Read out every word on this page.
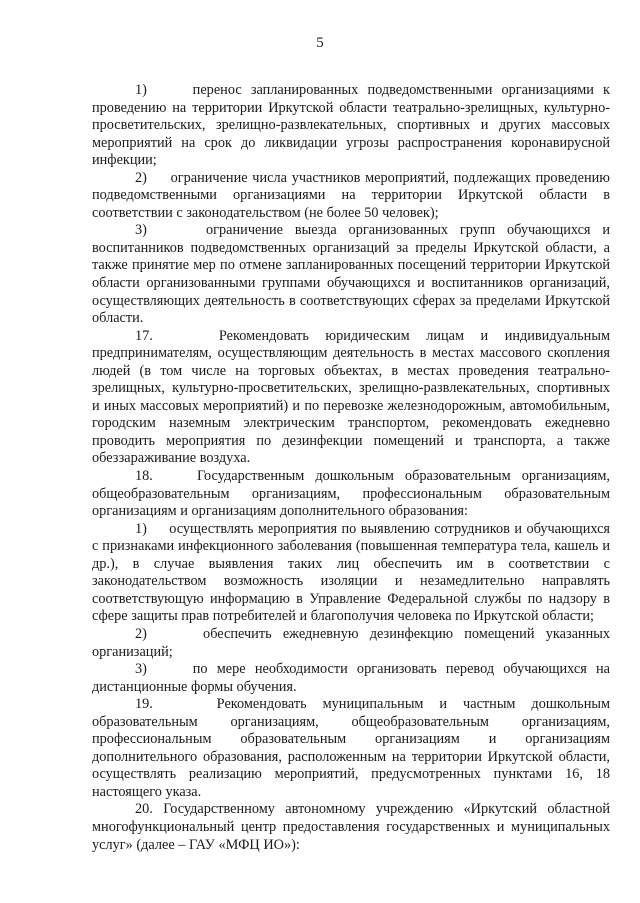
5

1)     перенос запланированных подведомственными организациями к проведению на территории Иркутской области театрально-зрелищных, культурно-просветительских, зрелищно-развлекательных, спортивных и других массовых мероприятий на срок до ликвидации угрозы распространения коронавирусной инфекции;

2)     ограничение числа участников мероприятий, подлежащих проведению подведомственными организациями на территории Иркутской области в соответствии с законодательством (не более 50 человек);

3)     ограничение выезда организованных групп обучающихся и воспитанников подведомственных организаций за пределы Иркутской области, а также принятие мер по отмене запланированных посещений территории Иркутской области организованными группами обучающихся и воспитанников организаций, осуществляющих деятельность в соответствующих сферах за пределами Иркутской области.

17.    Рекомендовать юридическим лицам и индивидуальным предпринимателям, осуществляющим деятельность в местах массового скопления людей (в том числе на торговых объектах, в местах проведения театрально-зрелищных, культурно-просветительских, зрелищно-развлекательных, спортивных и иных массовых мероприятий) и по перевозке железнодорожным, автомобильным, городским наземным электрическим транспортом, рекомендовать ежедневно проводить мероприятия по дезинфекции помещений и транспорта, а также обеззараживание воздуха.

18.    Государственным дошкольным образовательным организациям, общеобразовательным организациям, профессиональным образовательным организациям и организациям дополнительного образования:

1)     осуществлять мероприятия по выявлению сотрудников и обучающихся с признаками инфекционного заболевания (повышенная температура тела, кашель и др.), в случае выявления таких лиц обеспечить им в соответствии с законодательством возможность изоляции и незамедлительно направлять соответствующую информацию в Управление Федеральной службы по надзору в сфере защиты прав потребителей и благополучия человека по Иркутской области;

2)     обеспечить ежедневную дезинфекцию помещений указанных организаций;

3)     по мере необходимости организовать перевод обучающихся на дистанционные формы обучения.

19.    Рекомендовать муниципальным и частным дошкольным образовательным организациям, общеобразовательным организациям, профессиональным образовательным организациям и организациям дополнительного образования, расположенным на территории Иркутской области, осуществлять реализацию мероприятий, предусмотренных пунктами 16, 18 настоящего указа.

20. Государственному автономному учреждению «Иркутский областной многофункциональный центр предоставления государственных и муниципальных услуг» (далее – ГАУ «МФЦ ИО»):
